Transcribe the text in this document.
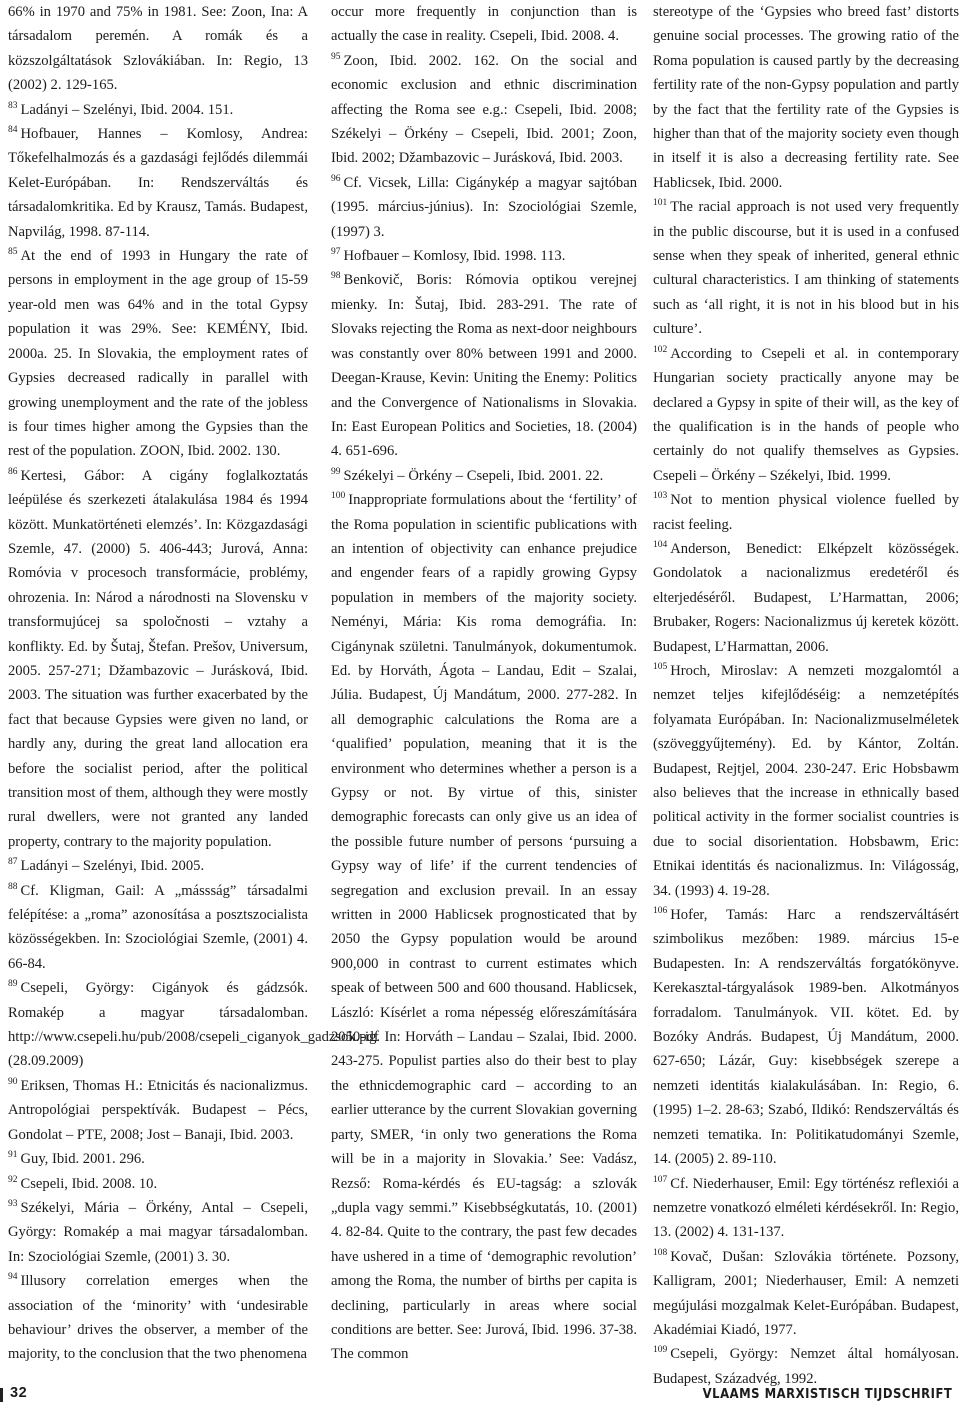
66% in 1970 and 75% in 1981. See: Zoon, Ina: A társadalom peremén. A romák és a közszolgáltatások Szlovákiában. In: Regio, 13 (2002) 2. 129-165.

$^{83}$ Ladányi – Szelényi, Ibid. 2004. 151.

$^{84}$ Hofbauer, Hannes – Komlosy, Andrea: Tőkefelhalmozás és a gazdasági fejlődés dilemmái Kelet-Európában. In: Rendszerváltás és társadalomkritika. Ed by Krausz, Tamás. Budapest, Napvilág, 1998. 87-114.

$^{85}$ At the end of 1993 in Hungary the rate of persons in employment in the age group of 15-59 year-old men was 64% and in the total Gypsy population it was 29%. See: KEMÉNY, Ibid. 2000a. 25. In Slovakia, the employment rates of Gypsies decreased radically in parallel with growing unemployment and the rate of the jobless is four times higher among the Gypsies than the rest of the population. ZOON, Ibid. 2002. 130.

$^{86}$ Kertesi, Gábor: A cigány foglalkoztatás leépülése és szerkezeti átalakulása 1984 és 1994 között. Munkatörténeti elemzés’. In: Közgazdasági Szemle, 47. (2000) 5. 406-443; Jurová, Anna: Romóvia v procesoch transformácie, problémy, ohrozenia. In: Národ a národnosti na Slovensku v transformujúcej sa spoločnosti – vztahy a konflikty. Ed. by Šutaj, Štefan. Prešov, Universum, 2005. 257-271; Džambazovic – Jurásková, Ibid. 2003. The situation was further exacerbated by the fact that because Gypsies were given no land, or hardly any, during the great land allocation era before the socialist period, after the political transition most of them, although they were mostly rural dwellers, were not granted any landed property, contrary to the majority population.

$^{87}$ Ladányi – Szelényi, Ibid. 2005.

$^{88}$ Cf. Kligman, Gail: A „mássság” társadalmi felépítése: a „roma” azonosítása a posztszocialista közösségekben. In: Szociológiai Szemle, (2001) 4. 66-84.

$^{89}$ Csepeli, György: Cigányok és gádzsók. Romakép a magyar társadalomban. http://www.csepeli.hu/pub/2008/csepeli_ciganyok_gadzsok.pdf (28.09.2009)

$^{90}$ Eriksen, Thomas H.: Etnicitás és nacionalizmus. Antropológiai perspektívák. Budapest – Pécs, Gondolat – PTE, 2008; Jost – Banaji, Ibid. 2003.

$^{91}$ Guy, Ibid. 2001. 296.

$^{92}$ Csepeli, Ibid. 2008. 10.

$^{93}$ Székelyi, Mária – Örkény, Antal – Csepeli, György: Romakép a mai magyar társadalomban. In: Szociológiai Szemle, (2001) 3. 30.

$^{94}$ Illusory correlation emerges when the association of the ‘minority’ with ‘undesirable behaviour’ drives the observer, a member of the majority, to the conclusion that the two phenomena

occur more frequently in conjunction than is actually the case in reality. Csepeli, Ibid. 2008. 4.

$^{95}$ Zoon, Ibid. 2002. 162. On the social and economic exclusion and ethnic discrimination affecting the Roma see e.g.: Csepeli, Ibid. 2008; Székelyi – Örkény – Csepeli, Ibid. 2001; Zoon, Ibid. 2002; Džambazovic – Jurásková, Ibid. 2003.

$^{96}$ Cf. Vicsek, Lilla: Cigánykép a magyar sajtóban (1995. március-június). In: Szociológiai Szemle, (1997) 3.

$^{97}$ Hofbauer – Komlosy, Ibid. 1998. 113.

$^{98}$ Benkovič, Boris: Rómovia optikou verejnej mienky. In: Šutaj, Ibid. 283-291. The rate of Slovaks rejecting the Roma as next-door neighbours was constantly over 80% between 1991 and 2000. Deegan-Krause, Kevin: Uniting the Enemy: Politics and the Convergence of Nationalisms in Slovakia. In: East European Politics and Societies, 18. (2004) 4. 651-696.

$^{99}$ Székelyi – Örkény – Csepeli, Ibid. 2001. 22.

$^{100}$ Inappropriate formulations about the ‘fertility’ of the Roma population in scientific publications with an intention of objectivity can enhance prejudice and engender fears of a rapidly growing Gypsy population in members of the majority society. Neményi, Mária: Kis roma demográfia. In: Cigánynak születni. Tanulmányok, dokumentumok. Ed. by Horváth, Ágota – Landau, Edit – Szalai, Júlia. Budapest, Új Mandátum, 2000. 277-282. In all demographic calculations the Roma are a ‘qualified’ population, meaning that it is the environment who determines whether a person is a Gypsy or not. By virtue of this, sinister demographic forecasts can only give us an idea of the possible future number of persons ‘pursuing a Gypsy way of life’ if the current tendencies of segregation and exclusion prevail. In an essay written in 2000 Hablicsek prognosticated that by 2050 the Gypsy population would be around 900,000 in contrast to current estimates which speak of between 500 and 600 thousand. Hablicsek, László: Kísérlet a roma népesség előreszámítására 2050-ig. In: Horváth – Landau – Szalai, Ibid. 2000. 243-275. Populist parties also do their best to play the ethnicdemographic card – according to an earlier utterance by the current Slovakian governing party, SMER, ‘in only two generations the Roma will be in a majority in Slovakia.’ See: Vadász, Rezső: Roma-kérdés és EU-tagság: a szlovák „dupla vagy semmi.” Kisebbségkutatás, 10. (2001) 4. 82-84. Quite to the contrary, the past few decades have ushered in a time of ‘demographic revolution’ among the Roma, the number of births per capita is declining, particularly in areas where social conditions are better. See: Jurová, Ibid. 1996. 37-38. The common

stereotype of the ‘Gypsies who breed fast’ distorts genuine social processes. The growing ratio of the Roma population is caused partly by the decreasing fertility rate of the non-Gypsy population and partly by the fact that the fertility rate of the Gypsies is higher than that of the majority society even though in itself it is also a decreasing fertility rate. See Hablicsek, Ibid. 2000.

$^{101}$ The racial approach is not used very frequently in the public discourse, but it is used in a confused sense when they speak of inherited, general ethnic cultural characteristics. I am thinking of statements such as ‘all right, it is not in his blood but in his culture’.

$^{102}$ According to Csepeli et al. in contemporary Hungarian society practically anyone may be declared a Gypsy in spite of their will, as the key of the qualification is in the hands of people who certainly do not qualify themselves as Gypsies. Csepeli – Örkény – Székelyi, Ibid. 1999.

$^{103}$ Not to mention physical violence fuelled by racist feeling.

$^{104}$ Anderson, Benedict: Elképzelt közösségek. Gondolatok a nacionalizmus eredetéről és elterjedéséről. Budapest, L’Harmattan, 2006; Brubaker, Rogers: Nacionalizmus új keretek között. Budapest, L’Harmattan, 2006.

$^{105}$ Hroch, Miroslav: A nemzeti mozgalomtól a nemzet teljes kifejlődéséig: a nemzetépítés folyamata Európában. In: Nacionalizmuselméletek (szöveggyűjtemény). Ed. by Kántor, Zoltán. Budapest, Rejtjel, 2004. 230-247. Eric Hobsbawm also believes that the increase in ethnically based political activity in the former socialist countries is due to social disorientation. Hobsbawm, Eric: Etnikai identitás és nacionalizmus. In: Világosság, 34. (1993) 4. 19-28.

$^{106}$ Hofer, Tamás: Harc a rendszerváltásért szimbolikus mezőben: 1989. március 15-e Budapesten. In: A rendszerváltás forgatókönyve. Kerekasztal-tárgyalások 1989-ben. Alkotmányos forradalom. Tanulmányok. VII. kötet. Ed. by Bozóky András. Budapest, Új Mandátum, 2000. 627-650; Lázár, Guy: kisebbségek szerepe a nemzeti identitás kialakulásában. In: Regio, 6. (1995) 1–2. 28-63; Szabó, Ildikó: Rendszerváltás és nemzeti tematika. In: Politikatudományi Szemle, 14. (2005) 2. 89-110.

$^{107}$ Cf. Niederhauser, Emil: Egy történész reflexiói a nemzetre vonatkozó elméleti kérdésekről. In: Regio, 13. (2002) 4. 131-137.

$^{108}$ Kovač, Dušan: Szlovákia története. Pozsony, Kalligram, 2001; Niederhauser, Emil: A nemzeti megújulási mozgalmak Kelet-Európában. Budapest, Akadémiai Kiadó, 1977.

$^{109}$ Csepeli, György: Nemzet által homályosan. Budapest, Századvég, 1992.

32	VLAAMS MARXISTISCH TIJDSCHRIFT
